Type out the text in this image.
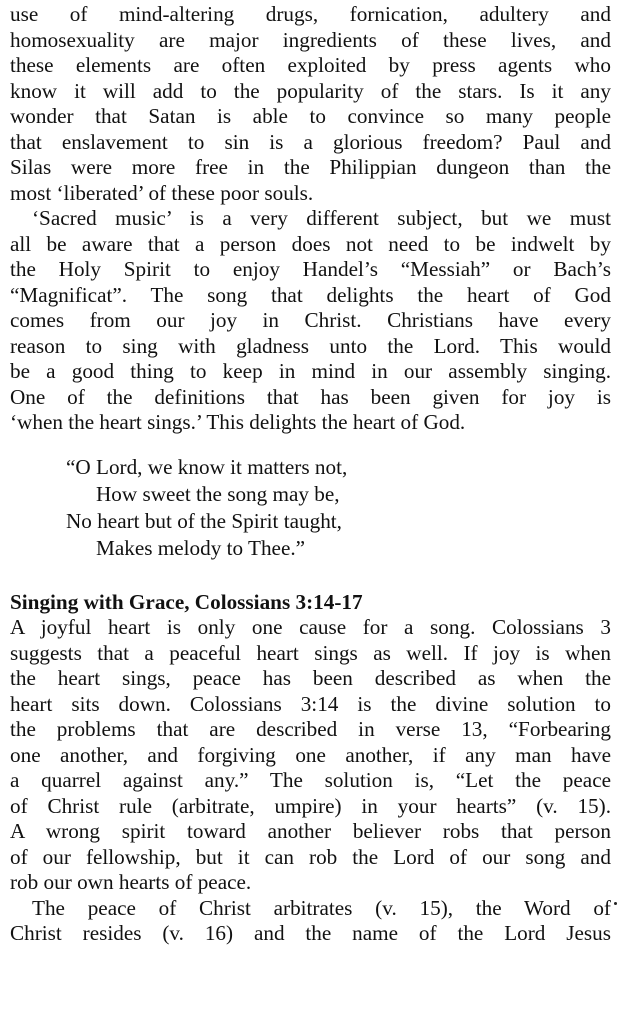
use of mind-altering drugs, fornication, adultery and
homosexuality are major ingredients of these lives, and
these elements are often exploited by press agents who
know it will add to the popularity of the stars. Is it any
wonder that Satan is able to convince so many people
that enslavement to sin is a glorious freedom? Paul and
Silas were more free in the Philippian dungeon than the
most ‘liberated’ of these poor souls.
‘Sacred music’ is a very different subject, but we must
all be aware that a person does not need to be indwelt by
the Holy Spirit to enjoy Handel’s “Messiah” or Bach’s
“Magnificat”. The song that delights the heart of God
comes from our joy in Christ. Christians have every
reason to sing with gladness unto the Lord. This would
be a good thing to keep in mind in our assembly singing.
One of the definitions that has been given for joy is
‘when the heart sings.’ This delights the heart of God.
“O Lord, we know it matters not,
How sweet the song may be,
No heart but of the Spirit taught,
Makes melody to Thee.”
Singing with Grace, Colossians 3:14-17
A joyful heart is only one cause for a song. Colossians 3
suggests that a peaceful heart sings as well. If joy is when
the heart sings, peace has been described as when the
heart sits down. Colossians 3:14 is the divine solution to
the problems that are described in verse 13, “Forbearing
one another, and forgiving one another, if any man have
a quarrel against any.” The solution is, “Let the peace
of Christ rule (arbitrate, umpire) in your hearts” (v. 15).
A wrong spirit toward another believer robs that person
of our fellowship, but it can rob the Lord of our song and
rob our own hearts of peace.
The peace of Christ arbitrates (v. 15), the Word of
Christ resides (v. 16) and the name of the Lord Jesus
